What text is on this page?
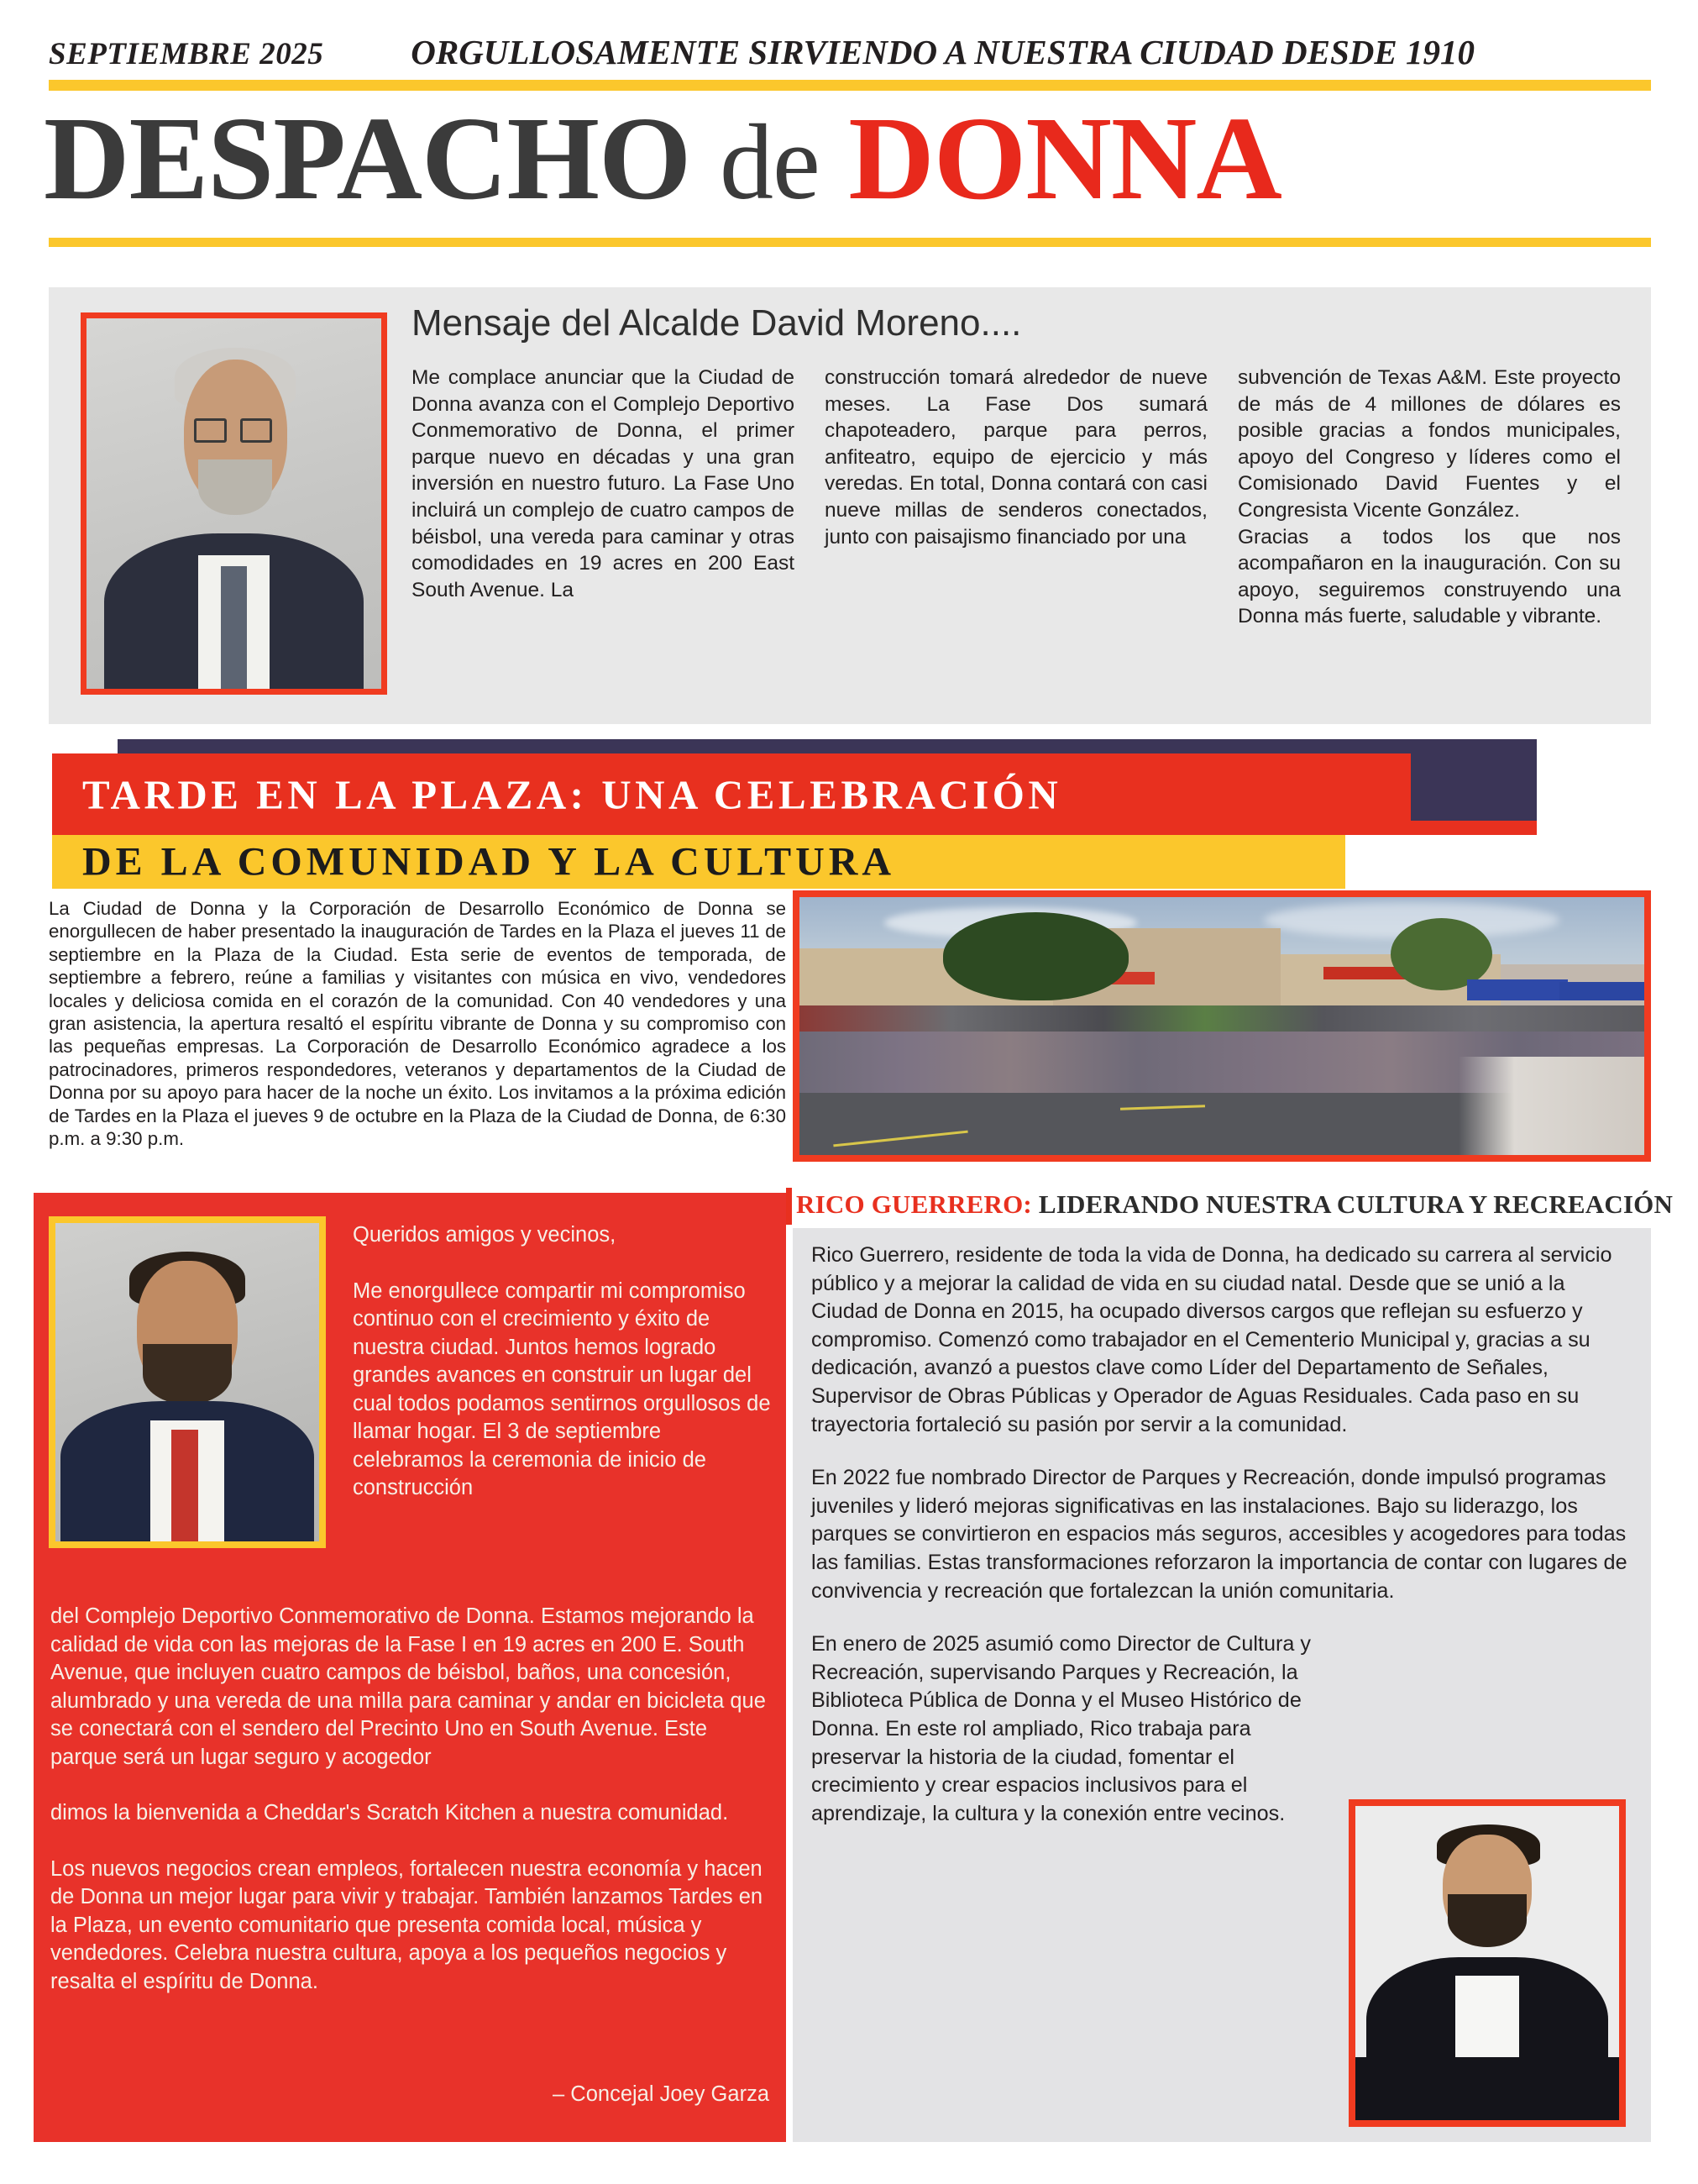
SEPTIEMBRE 2025	ORGULLOSAMENTE SIRVIENDO A NUESTRA CIUDAD DESDE 1910
DESPACHO de DONNA
Mensaje del Alcalde David Moreno....
Me complace anunciar que la Ciudad de Donna avanza con el Complejo Deportivo Conmemorativo de Donna, el primer parque nuevo en décadas y una gran inversión en nuestro futuro. La Fase Uno incluirá un complejo de cuatro campos de béisbol, una vereda para caminar y otras comodidades en 19 acres en 200 East South Avenue. La
construcción tomará alrededor de nueve meses. La Fase Dos sumará chapoteadero, parque para perros, anfiteatro, equipo de ejercicio y más veredas. En total, Donna contará con casi nueve millas de senderos conectados, junto con paisajismo financiado por una

subvención de Texas A&M. Este proyecto de más de 4 millones de dólares es posible gracias a fondos municipales, apoyo del Congreso y líderes como el Comisionado David Fuentes y el Congresista Vicente González.

Gracias a todos los que nos acompañaron en la inauguración. Con su apoyo, seguiremos construyendo una Donna más fuerte, saludable y vibrante.

TARDE EN LA PLAZA: UNA CELEBRACIÓN
DE LA COMUNIDAD Y LA CULTURA
La Ciudad de Donna y la Corporación de Desarrollo Económico de Donna se enorgullecen de haber presentado la inauguración de Tardes en la Plaza el jueves 11 de septiembre en la Plaza de la Ciudad. Esta serie de eventos de temporada, de septiembre a febrero, reúne a familias y visitantes con música en vivo, vendedores locales y deliciosa comida en el corazón de la comunidad. Con 40 vendedores y una gran asistencia, la apertura resaltó el espíritu vibrante de Donna y su compromiso con las pequeñas empresas. La Corporación de Desarrollo Económico agradece a los patrocinadores, primeros respondedores, veteranos y departamentos de la Ciudad de Donna por su apoyo para hacer de la noche un éxito. Los invitamos a la próxima edición de Tardes en la Plaza el jueves 9 de octubre en la Plaza de la Ciudad de Donna, de 6:30 p.m. a 9:30 p.m.
RICO GUERRERO: LIDERANDO NUESTRA CULTURA Y RECREACIÓN
Queridos amigos y vecinos,
Me enorgullece compartir mi compromiso continuo con el crecimiento y éxito de nuestra ciudad. Juntos hemos logrado grandes avances en construir un lugar del cual todos podamos sentirnos orgullosos de llamar hogar. El 3 de septiembre celebramos la ceremonia de inicio de construcción

del Complejo Deportivo Conmemorativo de Donna. Estamos mejorando la calidad de vida con las mejoras de la Fase I en 19 acres en 200 E. South Avenue, que incluyen cuatro campos de béisbol, baños, una concesión, alumbrado y una vereda de una milla para caminar y andar en bicicleta que se conectará con el sendero del Precinto Uno en South Avenue. Este parque será un lugar seguro y acogedor

dimos la bienvenida a Cheddar's Scratch Kitchen a nuestra comunidad.

Los nuevos negocios crean empleos, fortalecen nuestra economía y hacen de Donna un mejor lugar para vivir y trabajar. También lanzamos Tardes en la Plaza, un evento comunitario que presenta comida local, música y vendedores. Celebra nuestra cultura, apoya a los pequeños negocios y resalta el espíritu de Donna.

– Concejal Joey Garza

Rico Guerrero, residente de toda la vida de Donna, ha dedicado su carrera al servicio público y a mejorar la calidad de vida en su ciudad natal. Desde que se unió a la Ciudad de Donna en 2015, ha ocupado diversos cargos que reflejan su esfuerzo y compromiso. Comenzó como trabajador en el Cementerio Municipal y, gracias a su dedicación, avanzó a puestos clave como Líder del Departamento de Señales, Supervisor de Obras Públicas y Operador de Aguas Residuales. Cada paso en su trayectoria fortaleció su pasión por servir a la comunidad.

En 2022 fue nombrado Director de Parques y Recreación, donde impulsó programas juveniles y lideró mejoras significativas en las instalaciones. Bajo su liderazgo, los parques se convirtieron en espacios más seguros, accesibles y acogedores para todas las familias. Estas transformaciones reforzaron la importancia de contar con lugares de convivencia y recreación que fortalezcan la unión comunitaria.

En enero de 2025 asumió como Director de Cultura y Recreación, supervisando Parques y Recreación, la Biblioteca Pública de Donna y el Museo Histórico de Donna. En este rol ampliado, Rico trabaja para preservar la historia de la ciudad, fomentar el crecimiento y crear espacios inclusivos para el aprendizaje, la cultura y la conexión entre vecinos.
